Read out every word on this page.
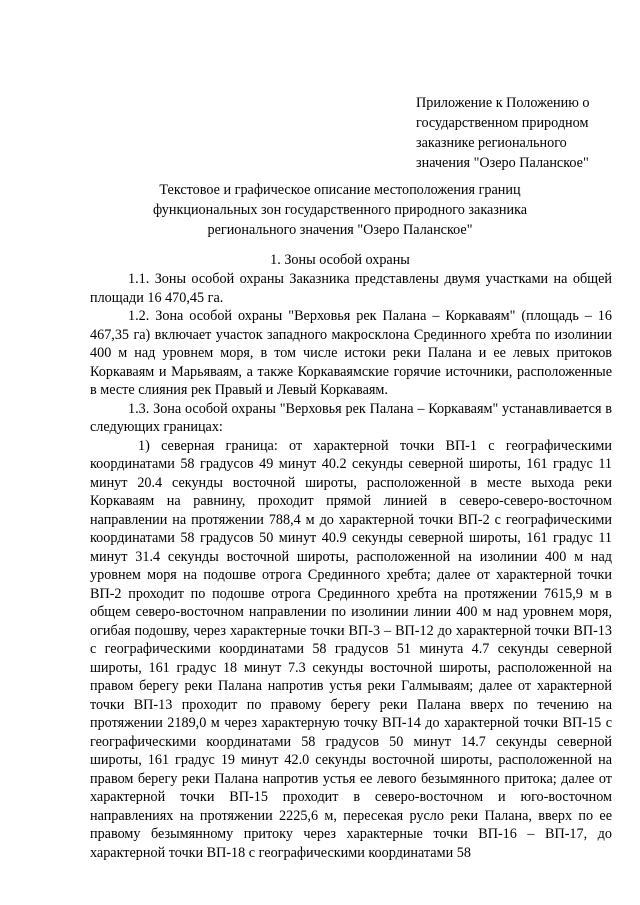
Приложение к Положению о
государственном природном
заказнике регионального
значения "Озеро Паланское"
Текстовое и графическое описание местоположения границ
функциональных зон государственного природного заказника
регионального значения "Озеро Паланское"
1. Зоны особой охраны

1.1. Зоны особой охраны Заказника представлены двумя участками на общей площади 16 470,45 га.

1.2. Зона особой охраны "Верховья рек Палана – Коркаваям" (площадь – 16 467,35 га) включает участок западного макросклона Срединного хребта по изолинии 400 м над уровнем моря, в том числе истоки реки Палана и ее левых притоков Коркаваям и Марьяваям, а также Коркаваямские горячие источники, расположенные в месте слияния рек Правый и Левый Коркаваям.

1.3. Зона особой охраны "Верховья рек Палана – Коркаваям" устанавливается в следующих границах:

1) северная граница: от характерной точки ВП-1 с географическими координатами 58 градусов 49 минут 40.2 секунды северной широты, 161 градус 11 минут 20.4 секунды восточной широты, расположенной в месте выхода реки Коркаваям на равнину, проходит прямой линией в северо-северо-восточном направлении на протяжении 788,4 м до характерной точки ВП-2 с географическими координатами 58 градусов 50 минут 40.9 секунды северной широты, 161 градус 11 минут 31.4 секунды восточной широты, расположенной на изолинии 400 м над уровнем моря на подошве отрога Срединного хребта; далее от характерной точки ВП-2 проходит по подошве отрога Срединного хребта на протяжении 7615,9 м в общем северо-восточном направлении по изолинии линии 400 м над уровнем моря, огибая подошву, через характерные точки ВП-3 – ВП-12 до характерной точки ВП-13 с географическими координатами 58 градусов 51 минута 4.7 секунды северной широты, 161 градус 18 минут 7.3 секунды восточной широты, расположенной на правом берегу реки Палана напротив устья реки Галмываям; далее от характерной точки ВП-13 проходит по правому берегу реки Палана вверх по течению на протяжении 2189,0 м через характерную точку ВП-14 до характерной точки ВП-15 с географическими координатами 58 градусов 50 минут 14.7 секунды северной широты, 161 градус 19 минут 42.0 секунды восточной широты, расположенной на правом берегу реки Палана напротив устья ее левого безымянного притока; далее от характерной точки ВП-15 проходит в северо-восточном и юго-восточном направлениях на протяжении 2225,6 м, пересекая русло реки Палана, вверх по ее правому безымянному притоку через характерные точки ВП-16 – ВП-17, до характерной точки ВП-18 с географическими координатами 58
